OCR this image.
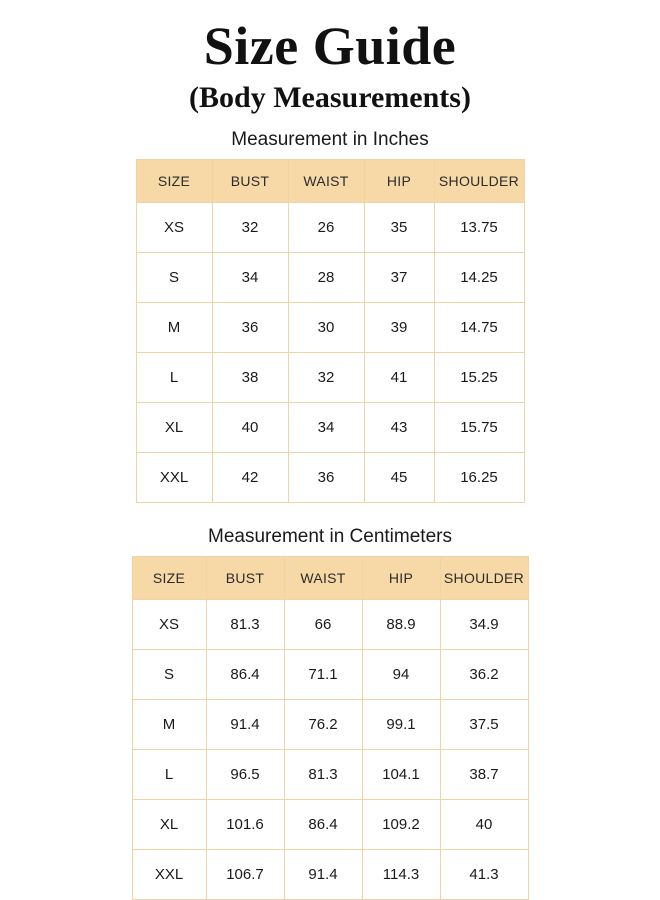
Size Guide
(Body Measurements)
Measurement in Inches
SIZE	BUST	WAIST	HIP	SHOULDER
XS	32	26	35	13.75
S	34	28	37	14.25
M	36	30	39	14.75
L	38	32	41	15.25
XL	40	34	43	15.75
XXL	42	36	45	16.25
Measurement in Centimeters
SIZE	BUST	WAIST	HIP	SHOULDER
XS	81.3	66	88.9	34.9
S	86.4	71.1	94	36.2
M	91.4	76.2	99.1	37.5
L	96.5	81.3	104.1	38.7
XL	101.6	86.4	109.2	40
XXL	106.7	91.4	114.3	41.3
